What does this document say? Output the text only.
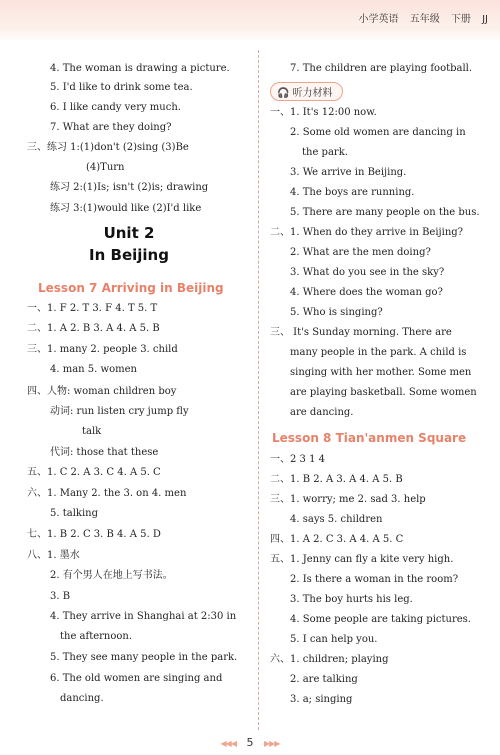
小学英语 五年级 下册 JJ
4. The woman is drawing a picture.
5. I'd like to drink some tea.
6. I like candy very much.
7. What are they doing?
三、练习 1:(1)don't (2)sing (3)Be
(4)Turn
练习 2:(1)Is; isn't (2)is; drawing
练习 3:(1)would like (2)I'd like
Unit 2
In Beijing
Lesson 7 Arriving in Beijing
一、1. F 2. T 3. F 4. T 5. T
二、1. A 2. B 3. A 4. A 5. B
三、1. many 2. people 3. child
4. man 5. women
四、人物: woman children boy
动词: run listen cry jump fly
talk
代词: those that these
五、1. C 2. A 3. C 4. A 5. C
六、1. Many 2. the 3. on 4. men
5. talking
七、1. B 2. C 3. B 4. A 5. D
八、1. 墨水
2. 有个男人在地上写书法。
3. B
4. They arrive in Shanghai at 2:30 in
the afternoon.
5. They see many people in the park.
6. The old women are singing and
dancing.
7. The children are playing football.
🎧 听力材料
一、1. It's 12:00 now.
2. Some old women are dancing in
the park.
3. We arrive in Beijing.
4. The boys are running.
5. There are many people on the bus.
二、1. When do they arrive in Beijing?
2. What are the men doing?
3. What do you see in the sky?
4. Where does the woman go?
5. Who is singing?
三、 It's Sunday morning. There are
many people in the park. A child is
singing with her mother. Some men
are playing basketball. Some women
are dancing.
Lesson 8 Tian'anmen Square
一、2 3 1 4
二、1. B 2. A 3. A 4. A 5. B
三、1. worry; me 2. sad 3. help
4. says 5. children
四、1. A 2. C 3. A 4. A 5. C
五、1. Jenny can fly a kite very high.
2. Is there a woman in the room?
3. The boy hurts his leg.
4. Some people are taking pictures.
5. I can help you.
六、1. children; playing
2. are talking
3. a; singing
◀◀◀ 5 ▶▶▶
